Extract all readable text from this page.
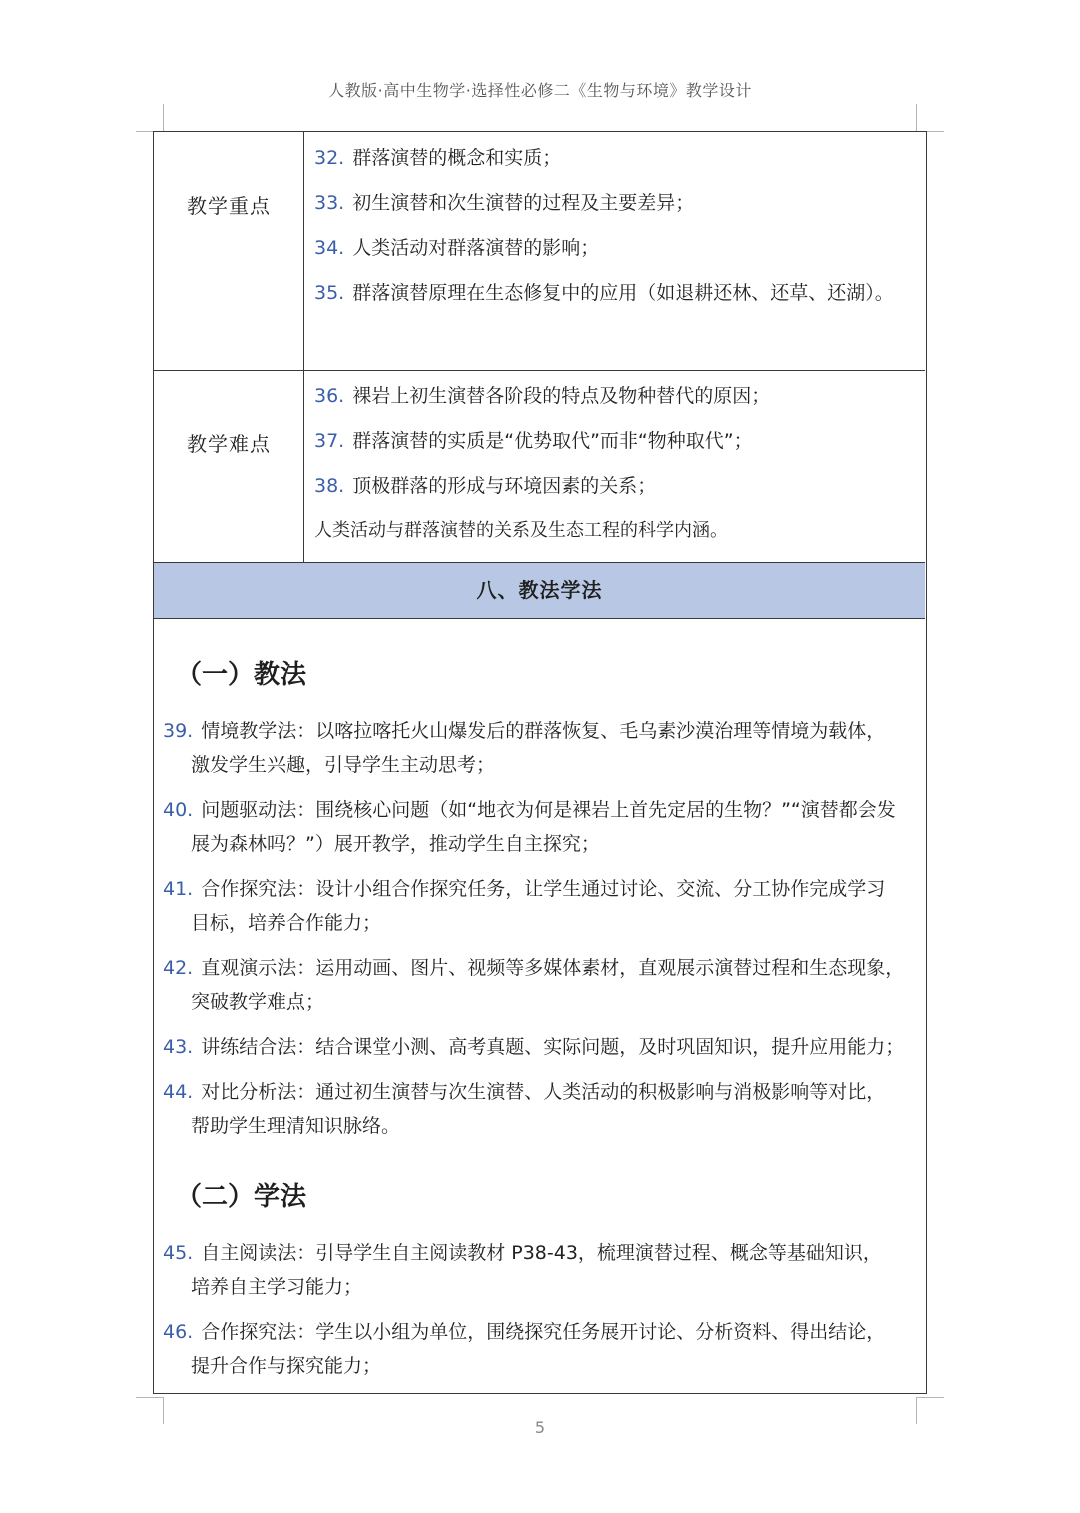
人教版·高中生物学·选择性必修二《生物与环境》教学设计
教学重点
32. 群落演替的概念和实质；
33. 初生演替和次生演替的过程及主要差异；
34. 人类活动对群落演替的影响；
35. 群落演替原理在生态修复中的应用（如退耕还林、还草、还湖）。
教学难点
36. 裸岩上初生演替各阶段的特点及物种替代的原因；
37. 群落演替的实质是“优势取代”而非“物种取代”；
38. 顶极群落的形成与环境因素的关系；
人类活动与群落演替的关系及生态工程的科学内涵。
八、教法学法
（一）教法
39. 情境教学法：以喀拉喀托火山爆发后的群落恢复、毛乌素沙漠治理等情境为载体，
激发学生兴趣，引导学生主动思考；
40. 问题驱动法：围绕核心问题（如“地衣为何是裸岩上首先定居的生物？”“演替都会发
展为森林吗？”）展开教学，推动学生自主探究；
41. 合作探究法：设计小组合作探究任务，让学生通过讨论、交流、分工协作完成学习
目标，培养合作能力；
42. 直观演示法：运用动画、图片、视频等多媒体素材，直观展示演替过程和生态现象，
突破教学难点；
43. 讲练结合法：结合课堂小测、高考真题、实际问题，及时巩固知识，提升应用能力；
44. 对比分析法：通过初生演替与次生演替、人类活动的积极影响与消极影响等对比，
帮助学生理清知识脉络。
（二）学法
45. 自主阅读法：引导学生自主阅读教材 P38-43，梳理演替过程、概念等基础知识，
培养自主学习能力；
46. 合作探究法：学生以小组为单位，围绕探究任务展开讨论、分析资料、得出结论，
提升合作与探究能力；
5
